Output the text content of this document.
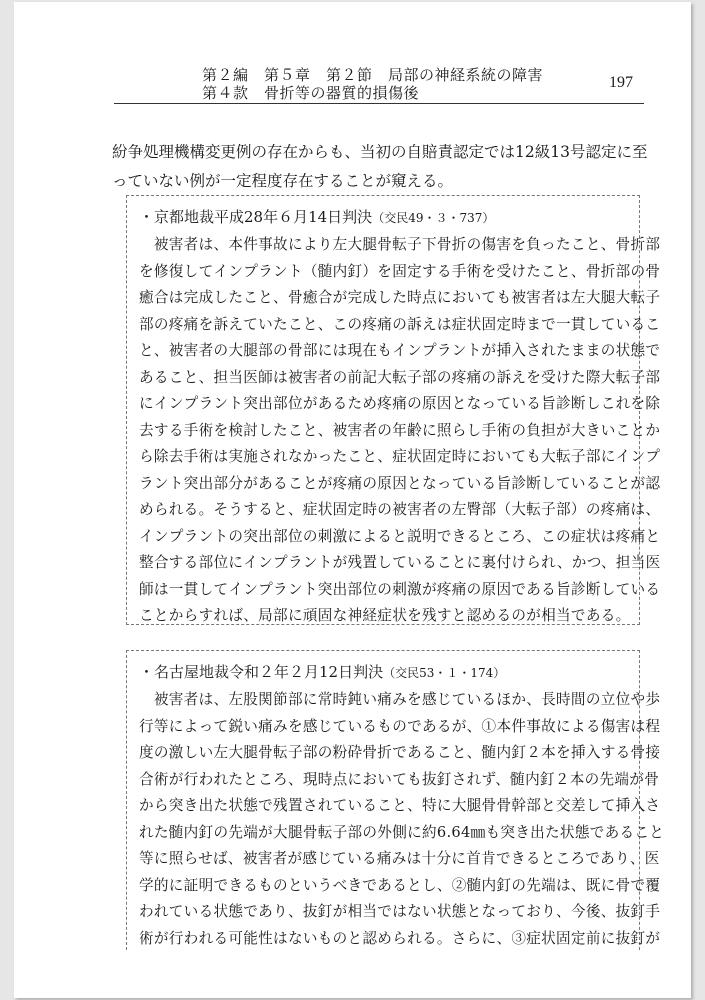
第２編　第５章　第２節　局部の神経系統の障害
第４款　骨折等の器質的損傷後
197

紛争処理機構変更例の存在からも、当初の自賠責認定では12級13号認定に至

っていない例が一定程度存在することが窺える。

・京都地裁平成28年６月14日判決（交民49・３・737）

　被害者は、本件事故により左大腿骨転子下骨折の傷害を負ったこと、骨折部

を修復してインプラント（髄内釘）を固定する手術を受けたこと、骨折部の骨

癒合は完成したこと、骨癒合が完成した時点においても被害者は左大腿大転子

部の疼痛を訴えていたこと、この疼痛の訴えは症状固定時まで一貫しているこ

と、被害者の大腿部の骨部には現在もインプラントが挿入されたままの状態で

あること、担当医師は被害者の前記大転子部の疼痛の訴えを受けた際大転子部

にインプラント突出部位があるため疼痛の原因となっている旨診断しこれを除

去する手術を検討したこと、被害者の年齢に照らし手術の負担が大きいことか

ら除去手術は実施されなかったこと、症状固定時においても大転子部にインプ

ラント突出部分があることが疼痛の原因となっている旨診断していることが認

められる。そうすると、症状固定時の被害者の左臀部（大転子部）の疼痛は、

インプラントの突出部位の刺激によると説明できるところ、この症状は疼痛と

整合する部位にインプラントが残置していることに裏付けられ、かつ、担当医

師は一貫してインプラント突出部位の刺激が疼痛の原因である旨診断している

ことからすれば、局部に頑固な神経症状を残すと認めるのが相当である。

・名古屋地裁令和２年２月12日判決（交民53・１・174）

　被害者は、左股関節部に常時鈍い痛みを感じているほか、長時間の立位や歩

行等によって鋭い痛みを感じているものであるが、①本件事故による傷害は程

度の激しい左大腿骨転子部の粉砕骨折であること、髄内釘２本を挿入する骨接

合術が行われたところ、現時点においても抜釘されず、髄内釘２本の先端が骨

から突き出た状態で残置されていること、特に大腿骨骨幹部と交差して挿入さ

れた髄内釘の先端が大腿骨転子部の外側に約6.64㎜も突き出た状態であること

等に照らせば、被害者が感じている痛みは十分に首肯できるところであり、医

学的に証明できるものというべきであるとし、②髄内釘の先端は、既に骨で覆

われている状態であり、抜釘が相当ではない状態となっており、今後、抜釘手

術が行われる可能性はないものと認められる。さらに、③症状固定前に抜釘が
